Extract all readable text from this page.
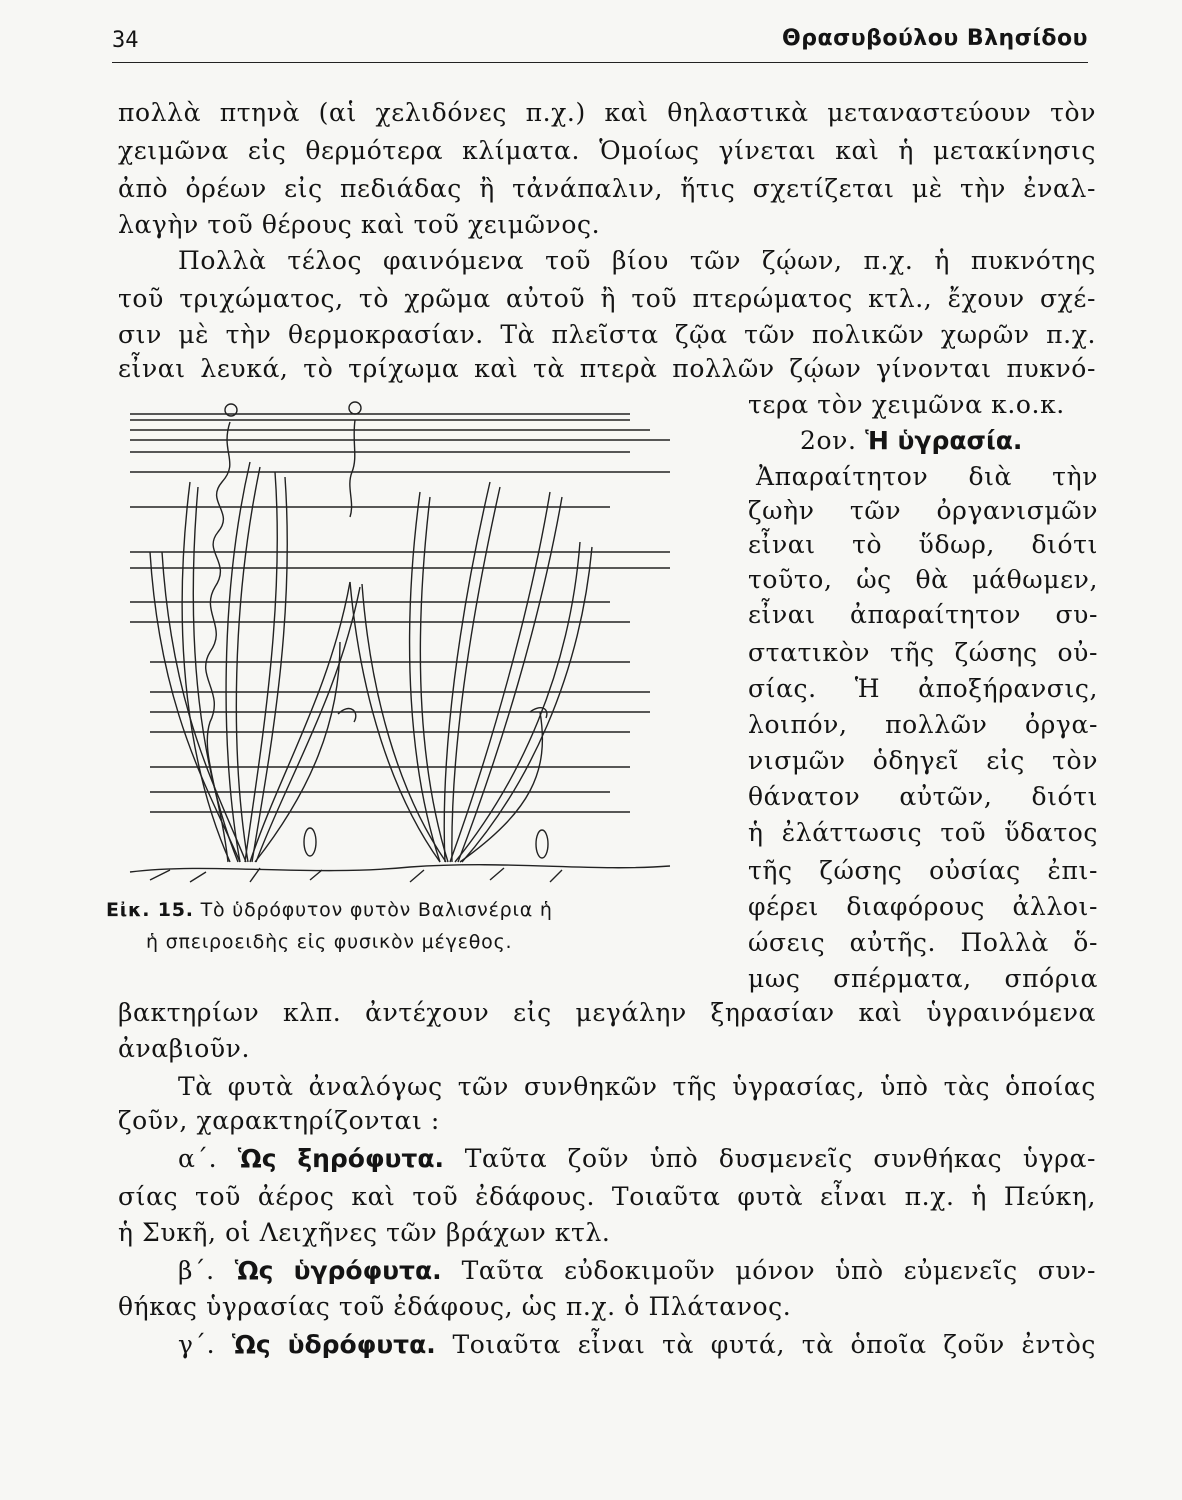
34	Θρασυβούλου Βλησίδου
πολλὰ πτηνὰ (αἱ χελιδόνες π.χ.) καὶ θηλαστικὰ μεταναστεύουν τὸν
χειμῶνα εἰς θερμότερα κλίματα. Ὁμοίως γίνεται καὶ ἡ μετακίνησις
ἀπὸ ὀρέων εἰς πεδιάδας ἢ τἀνάπαλιν, ἥτις σχετίζεται μὲ τὴν ἐναλ-
λαγὴν τοῦ θέρους καὶ τοῦ χειμῶνος.
Πολλὰ τέλος φαινόμενα τοῦ βίου τῶν ζῴων, π.χ. ἡ πυκνότης
τοῦ τριχώματος, τὸ χρῶμα αὐτοῦ ἢ τοῦ πτερώματος κτλ., ἔχουν σχέ-
σιν μὲ τὴν θερμοκρασίαν. Τὰ πλεῖστα ζῷα τῶν πολικῶν χωρῶν π.χ.
εἶναι λευκά, τὸ τρίχωμα καὶ τὰ πτερὰ πολλῶν ζῴων γίνονται πυκνό-
τερα τὸν χειμῶνα κ.ο.κ.
2ον. Ἡ ὑγρασία.
Ἀπαραίτητον διὰ τὴν
ζωὴν τῶν ὀργανισμῶν
εἶναι τὸ ὕδωρ, διότι
τοῦτο, ὡς θὰ μάθωμεν,
εἶναι ἀπαραίτητον συ-
στατικὸν τῆς ζώσης οὐ-
σίας. Ἡ ἀποξήρανσις,
λοιπόν, πολλῶν ὀργα-
νισμῶν ὁδηγεῖ εἰς τὸν
θάνατον αὐτῶν, διότι
ἡ ἐλάττωσις τοῦ ὕδατος
τῆς ζώσης οὐσίας ἐπι-
φέρει διαφόρους ἀλλοι-
ώσεις αὐτῆς. Πολλὰ ὅ-
μως σπέρματα, σπόρια
Εἰκ. 15. Τὸ ὑδρόφυτον φυτὸν Βαλισνέρια ἡ
ἡ σπειροειδὴς εἰς φυσικὸν μέγεθος.
βακτηρίων κλπ. ἀντέχουν εἰς μεγάλην ξηρασίαν καὶ ὑγραινόμενα
ἀναβιοῦν.
Τὰ φυτὰ ἀναλόγως τῶν συνθηκῶν τῆς ὑγρασίας, ὑπὸ τὰς ὁποίας
ζοῦν, χαρακτηρίζονται :
α΄. Ὡς ξηρόφυτα. Ταῦτα ζοῦν ὑπὸ δυσμενεῖς συνθήκας ὑγρα-
σίας τοῦ ἀέρος καὶ τοῦ ἐδάφους. Τοιαῦτα φυτὰ εἶναι π.χ. ἡ Πεύκη,
ἡ Συκῆ, οἱ Λειχῆνες τῶν βράχων κτλ.
β΄. Ὡς ὑγρόφυτα. Ταῦτα εὐδοκιμοῦν μόνον ὑπὸ εὐμενεῖς συν-
θήκας ὑγρασίας τοῦ ἐδάφους, ὡς π.χ. ὁ Πλάτανος.
γ΄. Ὡς ὑδρόφυτα. Τοιαῦτα εἶναι τὰ φυτά, τὰ ὁποῖα ζοῦν ἐντὸς
